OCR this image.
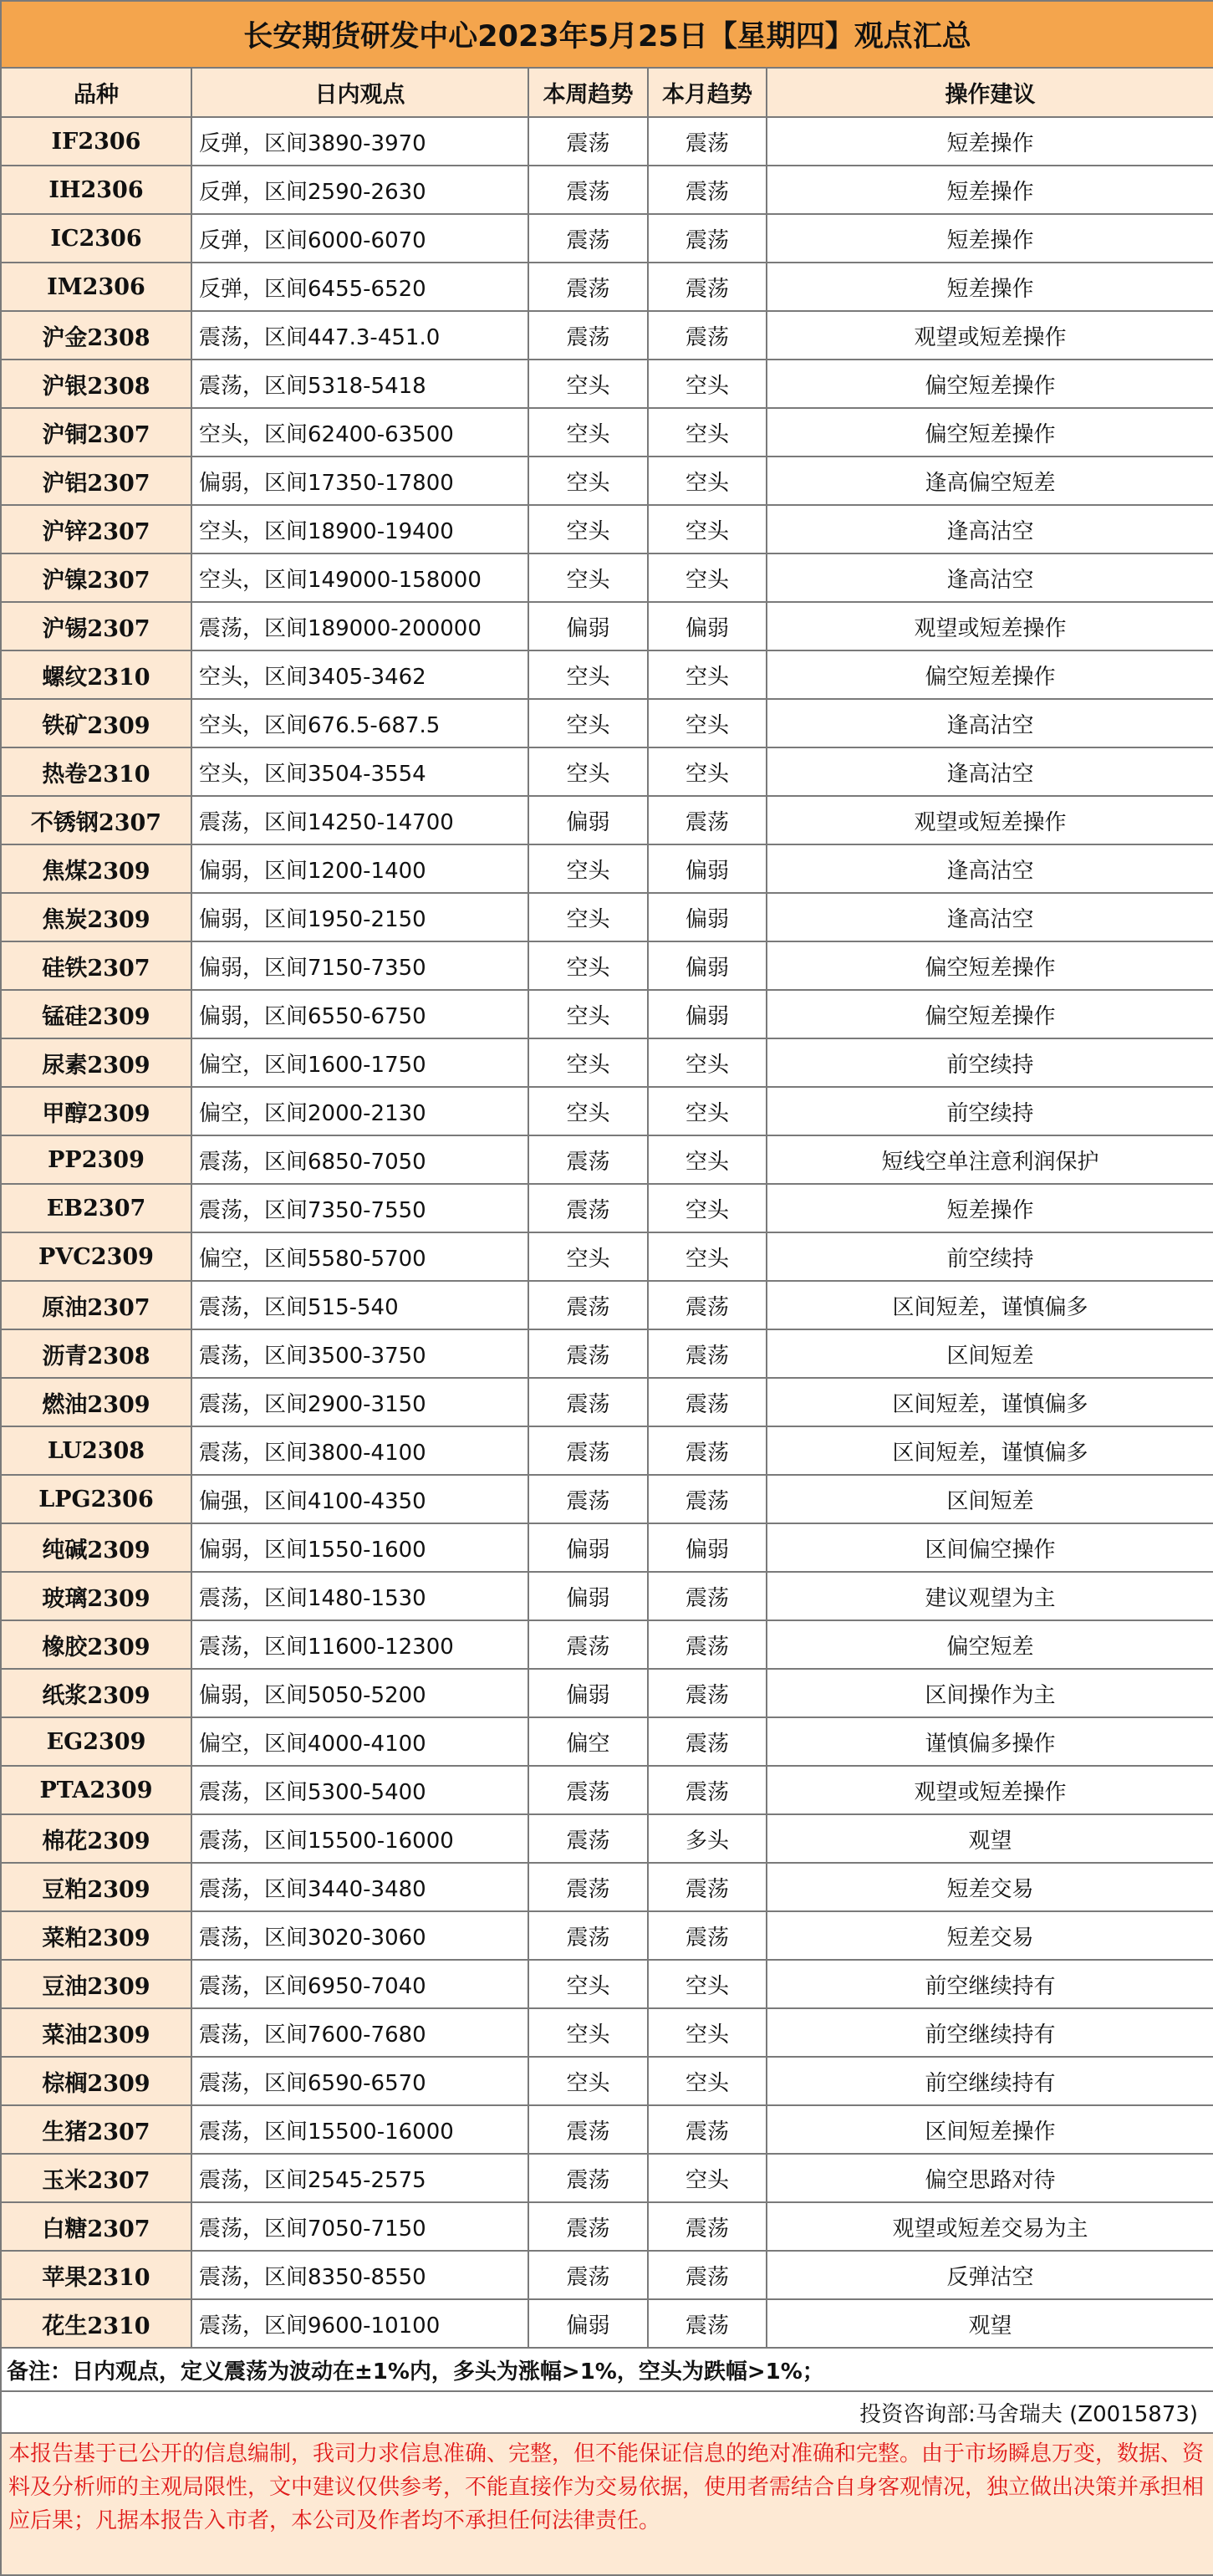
长安期货研发中心2023年5月25日【星期四】观点汇总				
品种	日内观点	本周趋势	本月趋势	操作建议
IF2306	反弹，区间3890-3970	震荡	震荡	短差操作
IH2306	反弹，区间2590-2630	震荡	震荡	短差操作
IC2306	反弹，区间6000-6070	震荡	震荡	短差操作
IM2306	反弹，区间6455-6520	震荡	震荡	短差操作
沪金2308	震荡，区间447.3-451.0	震荡	震荡	观望或短差操作
沪银2308	震荡，区间5318-5418	空头	空头	偏空短差操作
沪铜2307	空头，区间62400-63500	空头	空头	偏空短差操作
沪铝2307	偏弱，区间17350-17800	空头	空头	逢高偏空短差
沪锌2307	空头，区间18900-19400	空头	空头	逢高沽空
沪镍2307	空头，区间149000-158000	空头	空头	逢高沽空
沪锡2307	震荡，区间189000-200000	偏弱	偏弱	观望或短差操作
螺纹2310	空头，区间3405-3462	空头	空头	偏空短差操作
铁矿2309	空头，区间676.5-687.5	空头	空头	逢高沽空
热卷2310	空头，区间3504-3554	空头	空头	逢高沽空
不锈钢2307	震荡，区间14250-14700	偏弱	震荡	观望或短差操作
焦煤2309	偏弱，区间1200-1400	空头	偏弱	逢高沽空
焦炭2309	偏弱，区间1950-2150	空头	偏弱	逢高沽空
硅铁2307	偏弱，区间7150-7350	空头	偏弱	偏空短差操作
锰硅2309	偏弱，区间6550-6750	空头	偏弱	偏空短差操作
尿素2309	偏空，区间1600-1750	空头	空头	前空续持
甲醇2309	偏空，区间2000-2130	空头	空头	前空续持
PP2309	震荡，区间6850-7050	震荡	空头	短线空单注意利润保护
EB2307	震荡，区间7350-7550	震荡	空头	短差操作
PVC2309	偏空，区间5580-5700	空头	空头	前空续持
原油2307	震荡，区间515-540	震荡	震荡	区间短差，谨慎偏多
沥青2308	震荡，区间3500-3750	震荡	震荡	区间短差
燃油2309	震荡，区间2900-3150	震荡	震荡	区间短差，谨慎偏多
LU2308	震荡，区间3800-4100	震荡	震荡	区间短差，谨慎偏多
LPG2306	偏强，区间4100-4350	震荡	震荡	区间短差
纯碱2309	偏弱，区间1550-1600	偏弱	偏弱	区间偏空操作
玻璃2309	震荡，区间1480-1530	偏弱	震荡	建议观望为主
橡胶2309	震荡，区间11600-12300	震荡	震荡	偏空短差
纸浆2309	偏弱，区间5050-5200	偏弱	震荡	区间操作为主
EG2309	偏空，区间4000-4100	偏空	震荡	谨慎偏多操作
PTA2309	震荡，区间5300-5400	震荡	震荡	观望或短差操作
棉花2309	震荡，区间15500-16000	震荡	多头	观望
豆粕2309	震荡，区间3440-3480	震荡	震荡	短差交易
菜粕2309	震荡，区间3020-3060	震荡	震荡	短差交易
豆油2309	震荡，区间6950-7040	空头	空头	前空继续持有
菜油2309	震荡，区间7600-7680	空头	空头	前空继续持有
棕榈2309	震荡，区间6590-6570	空头	空头	前空继续持有
生猪2307	震荡，区间15500-16000	震荡	震荡	区间短差操作
玉米2307	震荡，区间2545-2575	震荡	空头	偏空思路对待
白糖2307	震荡，区间7050-7150	震荡	震荡	观望或短差交易为主
苹果2310	震荡，区间8350-8550	震荡	震荡	反弹沽空
花生2310	震荡，区间9600-10100	偏弱	震荡	观望
备注：日内观点，定义震荡为波动在±1%内，多头为涨幅>1%，空头为跌幅>1%；				
投资咨询部:马舍瑞夫 (Z0015873)				
本报告基于已公开的信息编制，我司力求信息准确、完整，但不能保证信息的绝对准确和完整。由于市场瞬息万变，数据、资料及分析师的主观局限性，文中建议仅供参考，不能直接作为交易依据，使用者需结合自身客观情况，独立做出决策并承担相应后果；凡据本报告入市者，本公司及作者均不承担任何法律责任。				
